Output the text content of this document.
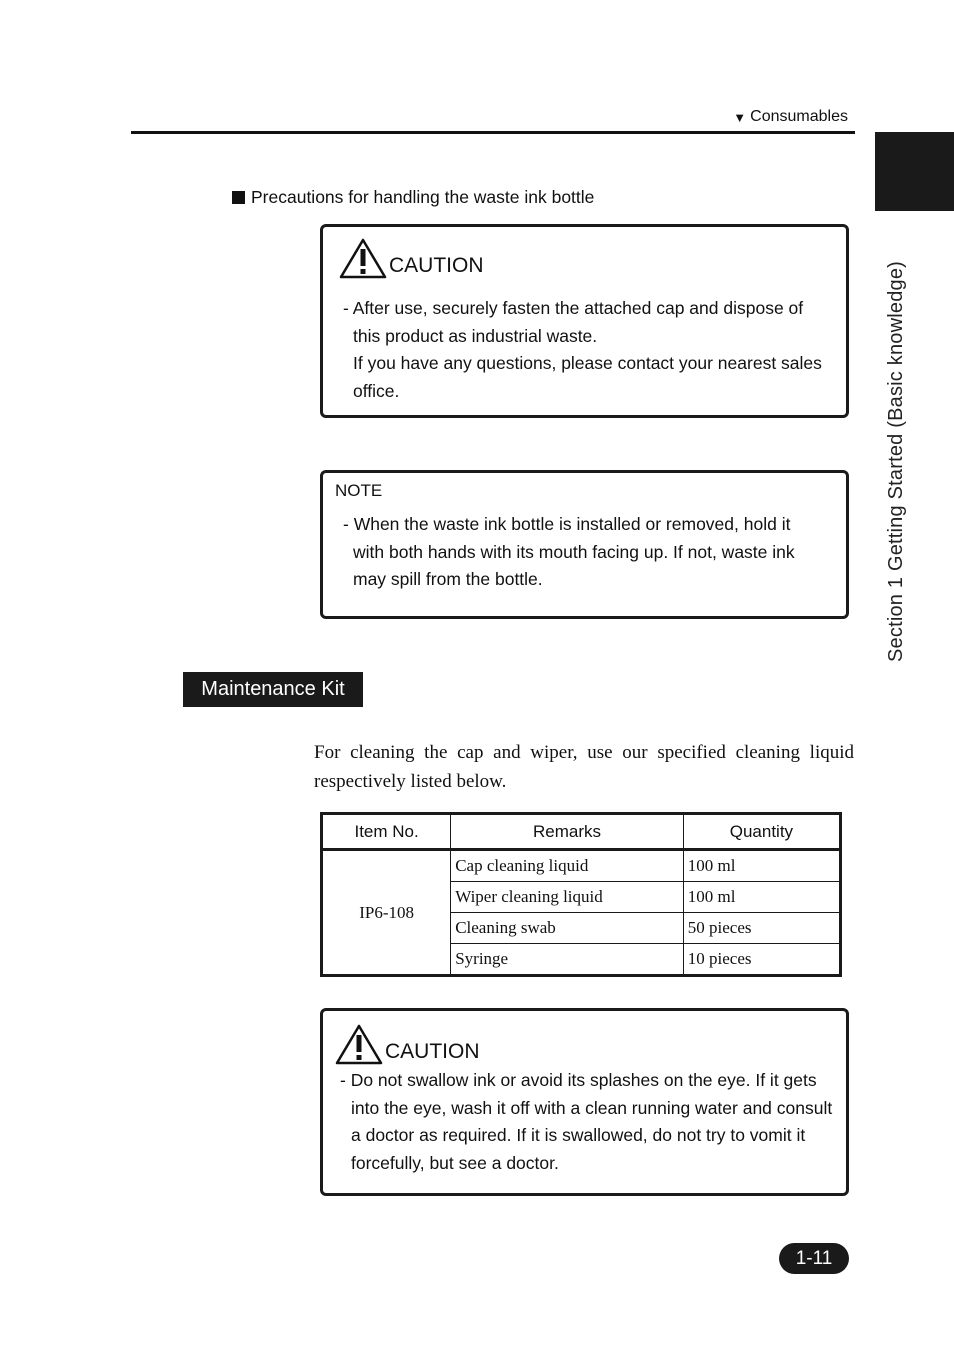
▼ Consumables
Section 1 Getting Started (Basic knowledge)
Precautions for handling the waste ink bottle
CAUTION

- After use, securely fasten the attached cap and dispose of

this product as industrial waste.

If you have any questions, please contact your nearest sales

office.

NOTE

- When the waste ink bottle is installed or removed, hold it

with both hands with its mouth facing up. If not, waste ink

may spill from the bottle.

Maintenance Kit
For cleaning the cap and wiper, use our specified cleaning liquid respectively listed below.
Item No.	Remarks	Quantity
IP6-108	Cap cleaning liquid	100 ml
	Wiper cleaning liquid	100 ml
	Cleaning swab	50 pieces
	Syringe	10 pieces
CAUTION

- Do not swallow ink or avoid its splashes on the eye. If it gets

into the eye, wash it off with a clean running water and consult

a doctor as required. If it is swallowed, do not try to vomit it

forcefully, but see a doctor.

1-11
